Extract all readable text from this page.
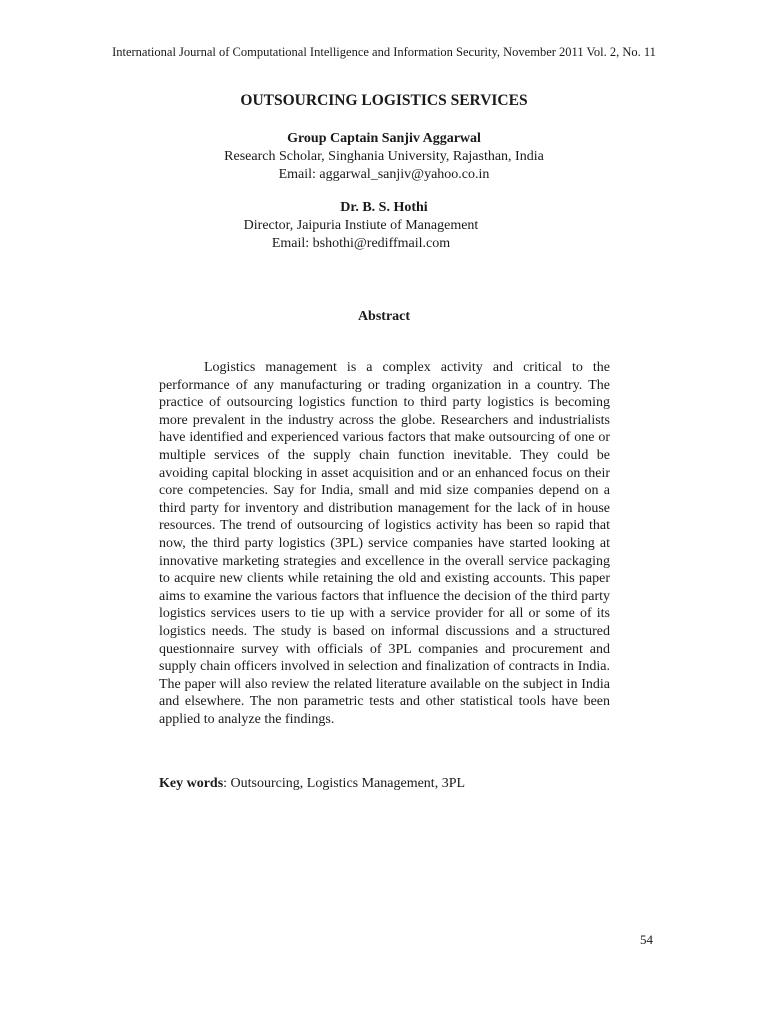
International Journal of Computational Intelligence and Information Security, November 2011 Vol. 2, No. 11
OUTSOURCING LOGISTICS SERVICES
Group Captain Sanjiv Aggarwal
Research Scholar, Singhania University, Rajasthan, India
Email: aggarwal_sanjiv@yahoo.co.in
Dr. B. S. Hothi
Director, Jaipuria Instiute of Management
Email: bshothi@rediffmail.com
Abstract

Logistics management is a complex activity and critical to the performance of any manufacturing or trading organization in a country. The practice of outsourcing logistics function to third party logistics is becoming more prevalent in the industry across the globe. Researchers and industrialists have identified and experienced various factors that make outsourcing of one or multiple services of the supply chain function inevitable. They could be avoiding capital blocking in asset acquisition and or an enhanced focus on their core competencies. Say for India, small and mid size companies depend on a third party for inventory and distribution management for the lack of in house resources. The trend of outsourcing of logistics activity has been so rapid that now, the third party logistics (3PL) service companies have started looking at innovative marketing strategies and excellence in the overall service packaging to acquire new clients while retaining the old and existing accounts. This paper aims to examine the various factors that influence the decision of the third party logistics services users to tie up with a service provider for all or some of its logistics needs. The study is based on informal discussions and a structured questionnaire survey with officials of 3PL companies and procurement and supply chain officers involved in selection and finalization of contracts in India. The paper will also review the related literature available on the subject in India and elsewhere. The non parametric tests and other statistical tools have been applied to analyze the findings.

Key words: Outsourcing, Logistics Management, 3PL

54
